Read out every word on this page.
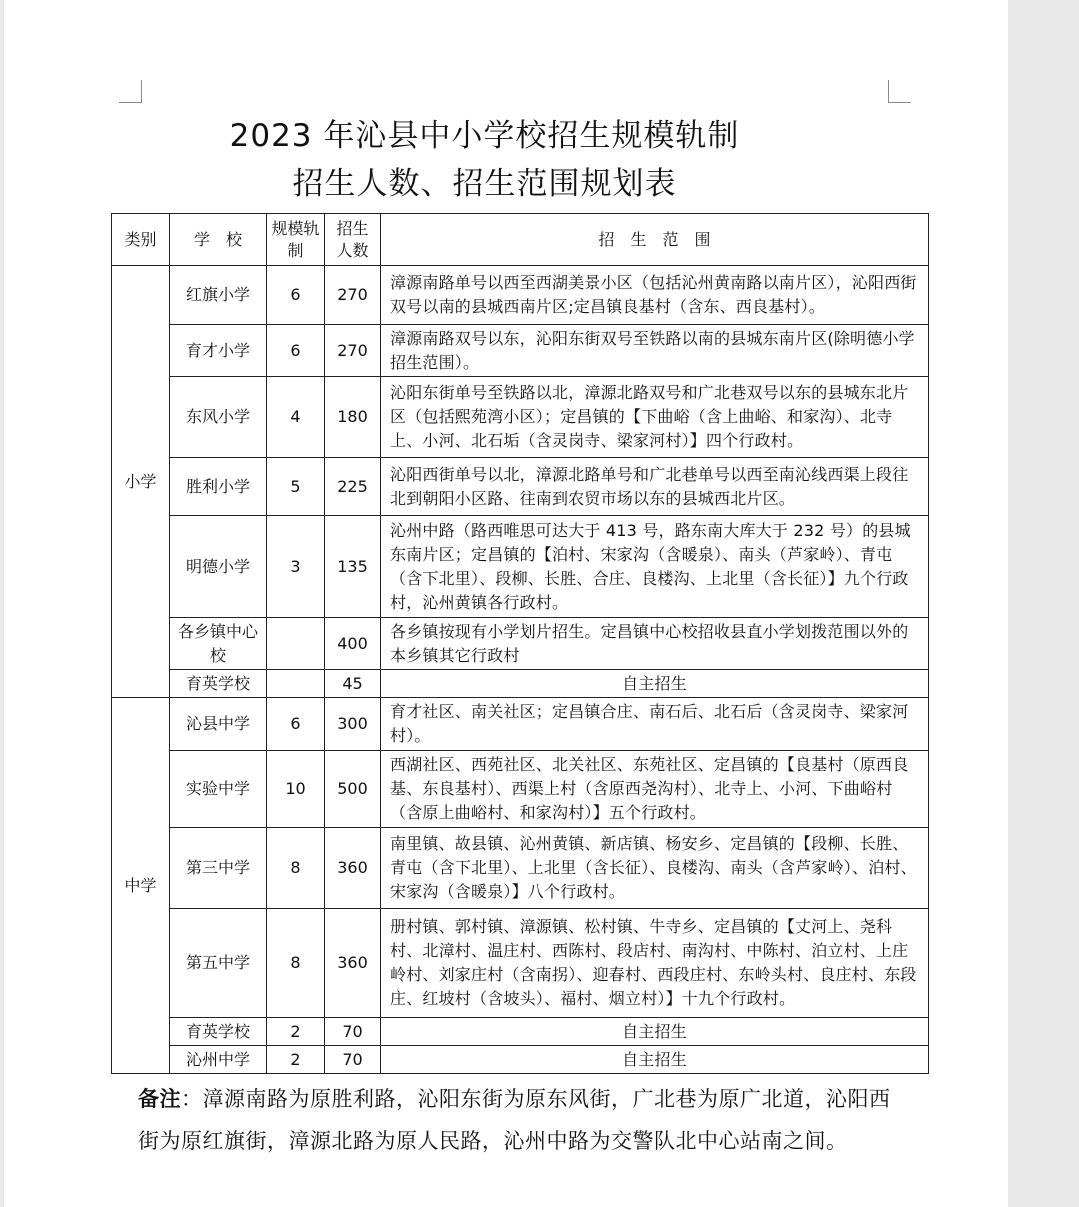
2023 年沁县中小学校招生规模轨制
招生人数、招生范围规划表
类别	学　校	规模轨制	招生人数	招　生　范　围
小学	红旗小学	6	270	漳源南路单号以西至西湖美景小区（包括沁州黄南路以南片区），沁阳西街双号以南的县城西南片区;定昌镇良基村（含东、西良基村）。
	育才小学	6	270	漳源南路双号以东，沁阳东街双号至铁路以南的县城东南片区(除明德小学招生范围）。
	东风小学	4	180	沁阳东街单号至铁路以北，漳源北路双号和广北巷双号以东的县城东北片区（包括熙苑湾小区）；定昌镇的【下曲峪（含上曲峪、和家沟）、北寺上、小河、北石垢（含灵岗寺、梁家河村）】四个行政村。
	胜利小学	5	225	沁阳西街单号以北，漳源北路单号和广北巷单号以西至南沁线西渠上段往北到朝阳小区路、往南到农贸市场以东的县城西北片区。
	明德小学	3	135	沁州中路（路西唯思可达大于 413 号，路东南大库大于 232 号）的县城东南片区；定昌镇的【泊村、宋家沟（含暖泉）、南头（芦家岭）、青屯（含下北里）、段柳、长胜、合庄、良楼沟、上北里（含长征）】九个行政村，沁州黄镇各行政村。
	各乡镇中心校		400	各乡镇按现有小学划片招生。定昌镇中心校招收县直小学划拨范围以外的本乡镇其它行政村
	育英学校		45	自主招生
中学	沁县中学	6	300	育才社区、南关社区；定昌镇合庄、南石后、北石后（含灵岗寺、梁家河村）。
	实验中学	10	500	西湖社区、西苑社区、北关社区、东苑社区、定昌镇的【良基村（原西良基、东良基村）、西渠上村（含原西尧沟村）、北寺上、小河、下曲峪村（含原上曲峪村、和家沟村）】五个行政村。
	第三中学	8	360	南里镇、故县镇、沁州黄镇、新店镇、杨安乡、定昌镇的【段柳、长胜、青屯（含下北里）、上北里（含长征）、良楼沟、南头（含芦家岭）、泊村、宋家沟（含暖泉）】八个行政村。
	第五中学	8	360	册村镇、郭村镇、漳源镇、松村镇、牛寺乡、定昌镇的【丈河上、尧科村、北漳村、温庄村、西陈村、段店村、南沟村、中陈村、泊立村、上庄岭村、刘家庄村（含南拐）、迎春村、西段庄村、东岭头村、良庄村、东段庄、红坡村（含坡头）、福村、烟立村）】十九个行政村。
	育英学校	2	70	自主招生
	沁州中学	2	70	自主招生
备注：漳源南路为原胜利路，沁阳东街为原东风街，广北巷为原广北道，沁阳西街为原红旗街，漳源北路为原人民路，沁州中路为交警队北中心站南之间。
